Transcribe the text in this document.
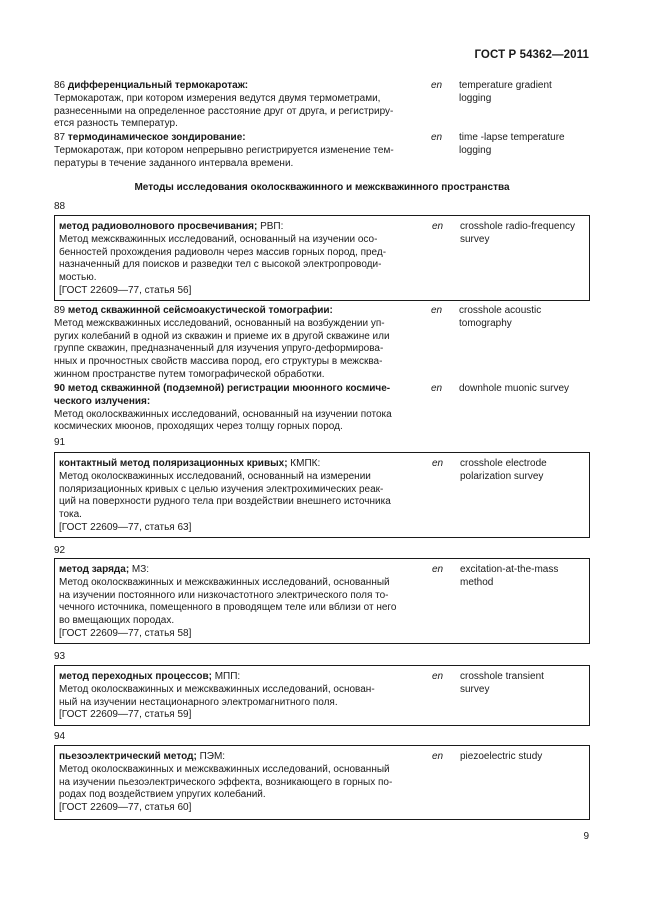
ГОСТ Р 54362—2011
86 дифференциальный термокаротаж:
Термокаротаж, при котором измерения ведутся двумя термометрами,
разнесенными на определенное расстояние друг от друга, и регистриру-
ется разность температур.
en temperature gradient
logging
87 термодинамическое зондирование:
Термокаротаж, при котором непрерывно регистрируется изменение тем-
пературы в течение заданного интервала времени.
en time -lapse temperature
logging
Методы исследования околоскважинного и межскважинного пространства
88
метод радиоволнового просвечивания; РВП:
Метод межскважинных исследований, основанный на изучении осо-
бенностей прохождения радиоволн через массив горных пород, пред-
назначенный для поисков и разведки тел с высокой электропроводи-
мостью.
[ГОСТ 22609—77, статья 56]
en crosshole radio-frequency
survey
89 метод скважинной сейсмоакустической томографии:
Метод межскважинных исследований, основанный на возбуждении уп-
ругих колебаний в одной из скважин и приеме их в другой скважине или
группе скважин, предназначенный для изучения упруго-деформирова-
нных и прочностных свойств массива пород, его структуры в межсква-
жинном пространстве путем томографической обработки.
en crosshole acoustic
tomography
90 метод скважинной (подземной) регистрации мюонного космиче-
ческого излучения:
Метод околоскважинных исследований, основанный на изучении потока
космических мюонов, проходящих через толщу горных пород.
en downhole muonic survey
91
контактный метод поляризационных кривых; КМПК:
Метод околоскважинных исследований, основанный на измерении
поляризационных кривых с целью изучения электрохимических реак-
ций на поверхности рудного тела при воздействии внешнего источника
тока.
[ГОСТ 22609—77, статья 63]
en crosshole electrode
polarization survey
92
метод заряда; МЗ:
Метод околоскважинных и межскважинных исследований, основанный
на изучении постоянного или низкочастотного электрического поля то-
чечного источника, помещенного в проводящем теле или вблизи от него
во вмещающих породах.
[ГОСТ 22609—77, статья 58]
en excitation-at-the-mass
method
93
метод переходных процессов; МПП:
Метод околоскважинных и межскважинных исследований, основан-
ный на изучении нестационарного электромагнитного поля.
[ГОСТ 22609—77, статья 59]
en crosshole transient
survey
94
пьезоэлектрический метод; ПЭМ:
Метод околоскважинных и межскважинных исследований, основанный
на изучении пьезоэлектрического эффекта, возникающего в горных по-
родах под воздействием упругих колебаний.
[ГОСТ 22609—77, статья 60]
en piezoelectric study
9
